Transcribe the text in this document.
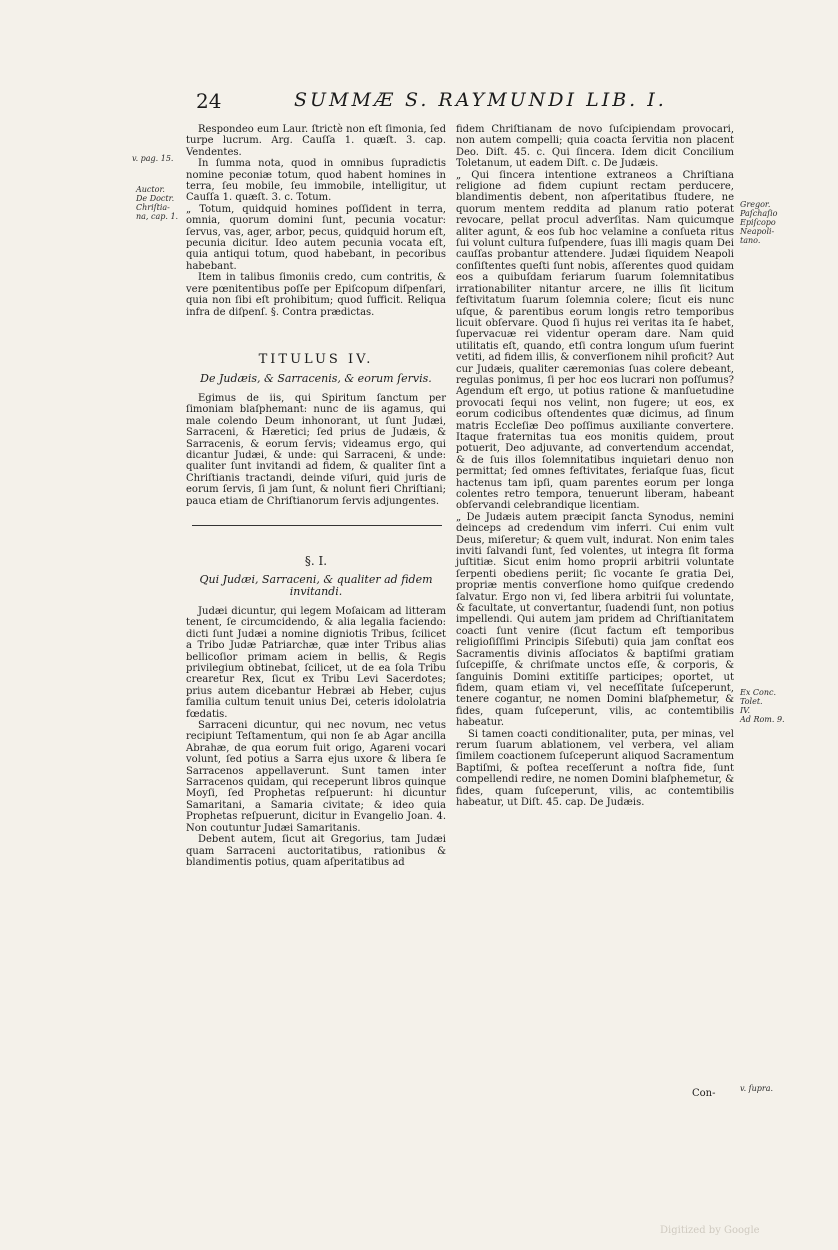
24	SUMMÆ S. RAYMUNDI LIB. I.
v. pag. 15.
Auctor.
De Doctr.
Chriſtia-
na, cap. 1.

Respondeo eum Laur. ſtrictè non eſt ſimonia, ſed turpe lucrum. Arg. Cauſſa 1. quæſt. 3. cap. Vendentes.

In ſumma nota, quod in omnibus ſupradictis nomine peconiæ totum, quod habent homines in terra, ſeu mobile, ſeu immobile, intelligitur, ut Cauſſa 1. quæſt. 3. c. Totum.

„ Totum, quidquid homines poſſident in terra, omnia, quorum domini ſunt, pecunia vocatur: ſervus, vas, ager, arbor, pecus, quidquid horum eſt, pecunia dicitur. Ideo autem pecunia vocata eſt, quia antiqui totum, quod habebant, in pecoribus habebant.

Item in talibus ſimoniis credo, cum contritis, & vere pœnitentibus poſſe per Epiſcopum diſpenſari, quia non ſibi eſt prohibitum; quod ſufficit. Reliqua infra de diſpenſ. §. Contra prædictas.

TITULUS IV.
De Judæis, & Sarracenis, & eorum ſervis.

Egimus de iis, qui Spiritum ſanctum per ſimoniam blaſphemant: nunc de iis agamus, qui male colendo Deum inhonorant, ut ſunt Judæi, Sarraceni, & Hæretici; ſed prius de Judæis, & Sarracenis, & eorum ſervis; videamus ergo, qui dicantur Judæi, & unde: qui Sarraceni, & unde: qualiter ſunt invitandi ad fidem, & qualiter ſint a Chriſtianis tractandi, deinde viſuri, quid juris de eorum ſervis, ſi jam ſunt, & nolunt fieri Chriſtiani; pauca etiam de Chriſtianorum ſervis adjungentes.

§. I.
Qui Judæi, Sarraceni, & qualiter ad fidem invitandi.

Judæi dicuntur, qui legem Moſaicam ad litteram tenent, ſe circumcidendo, & alia legalia faciendo: dicti ſunt Judæi a nomine digniotis Tribus, ſcilicet a Tribo Judæ Patriarchæ, quæ inter Tribus alias bellicoſior primam aciem in bellis, & Regis privilegium obtinebat, ſcilicet, ut de ea ſola Tribu crearetur Rex, ſicut ex Tribu Levi Sacerdotes; prius autem dicebantur Hebræi ab Heber, cujus familia cultum tenuit unius Dei, ceteris idololatria fœdatis.

Sarraceni dicuntur, qui nec novum, nec vetus recipiunt Teſtamentum, qui non ſe ab Agar ancilla Abrahæ, de qua eorum fuit origo, Agareni vocari volunt, ſed potius a Sarra ejus uxore & libera ſe Sarracenos appellaverunt. Sunt tamen inter Sarracenos quidam, qui receperunt libros quinque Moyſi, ſed Prophetas reſpuerunt: hi dicuntur Samaritani, a Samaria civitate; & ideo quia Prophetas reſpuerunt, dicitur in Evangelio Joan. 4. Non coutuntur Judæi Samaritanis.

Debent autem, ſicut ait Gregorius, tam Judæi quam Sarraceni auctoritatibus, rationibus & blandimentis potius, quam aſperitatibus ad

fidem Chriſtianam de novo ſuſcipiendam provocari, non autem compelli; quia coacta ſervitia non placent Deo. Diſt. 45. c. Qui ſincera. Idem dicit Concilium Toletanum, ut eadem Diſt. c. De Judæis.

„ Qui ſincera intentione extraneos a Chriſtiana religione ad fidem cupiunt rectam perducere, blandimentis debent, non aſperitatibus ſtudere, ne quorum mentem reddita ad planum ratio poterat revocare, pellat procul adverſitas. Nam quicumque aliter agunt, & eos ſub hoc velamine a conſueta ritus ſui volunt cultura ſuſpendere, ſuas illi magis quam Dei cauſſas probantur attendere. Judæi ſiquidem Neapoli conſiſtentes queſti ſunt nobis, aſſerentes quod quidam eos a quibuſdam feriarum ſuarum ſolemnitatibus irrationabiliter nitantur arcere, ne illis ſit licitum feſtivitatum ſuarum ſolemnia colere; ſicut eis nunc uſque, & parentibus eorum longis retro temporibus licuit obſervare. Quod ſi hujus rei veritas ita ſe habet, ſupervacuæ rei videntur operam dare. Nam quid utilitatis eſt, quando, etſi contra longum uſum fuerint vetiti, ad fidem illis, & converſionem nihil proficit? Aut cur Judæis, qualiter cæremonias ſuas colere debeant, regulas ponimus, ſi per hoc eos lucrari non poſſumus? Agendum eſt ergo, ut potius ratione & manſuetudine provocati ſequi nos velint, non fugere; ut eos, ex eorum codicibus oſtendentes quæ dicimus, ad ſinum matris Eccleſiæ Deo poſſimus auxiliante convertere. Itaque fraternitas tua eos monitis quidem, prout potuerit, Deo adjuvante, ad convertendum accendat, & de ſuis illos ſolemnitatibus inquietari denuo non permittat; ſed omnes feſtivitates, feriaſque ſuas, ſicut hactenus tam ipſi, quam parentes eorum per longa colentes retro tempora, tenuerunt liberam, habeant obſervandi celebrandique licentiam.

„ De Judæis autem præcipit ſancta Synodus, nemini deinceps ad credendum vim inferri. Cui enim vult Deus, miſeretur; & quem vult, indurat. Non enim tales inviti ſalvandi ſunt, ſed volentes, ut integra ſit forma juſtitiæ. Sicut enim homo proprii arbitrii voluntate ſerpenti obediens periit; ſic vocante ſe gratia Dei, propriæ mentis converſione homo quiſque credendo ſalvatur. Ergo non vi, ſed libera arbitrii ſui voluntate, & facultate, ut convertantur, ſuadendi ſunt, non potius impellendi. Qui autem jam pridem ad Chriſtianitatem coacti ſunt venire (ſicut factum eſt temporibus religioſiſſimi Principis Siſebuti) quia jam conſtat eos Sacramentis divinis aſſociatos & baptiſmi gratiam ſuſcepiſſe, & chriſmate unctos eſſe, & corporis, & ſanguinis Domini extitiſſe participes; oportet, ut fidem, quam etiam vi, vel neceſſitate ſuſceperunt, tenere cogantur, ne nomen Domini blaſphemetur, & fides, quam ſuſceperunt, vilis, ac contemtibilis habeatur.

Si tamen coacti conditionaliter, puta, per minas, vel rerum ſuarum ablationem, vel verbera, vel aliam ſimilem coactionem ſuſceperunt aliquod Sacramentum Baptiſmi, & poſtea receſſerunt a noſtra fide, ſunt compellendi redire, ne nomen Domini blaſphemetur, & fides, quam ſuſceperunt, vilis, ac contemtibilis habeatur, ut Diſt. 45. cap. De Judæis.

Gregor.
Paſchaſio
Epiſcopo
Neapoli-
tano.
Ex Conc.
Tolet.
IV.
Ad Rom. 9.
v. ſupra.
Con-
Digitized by Google
